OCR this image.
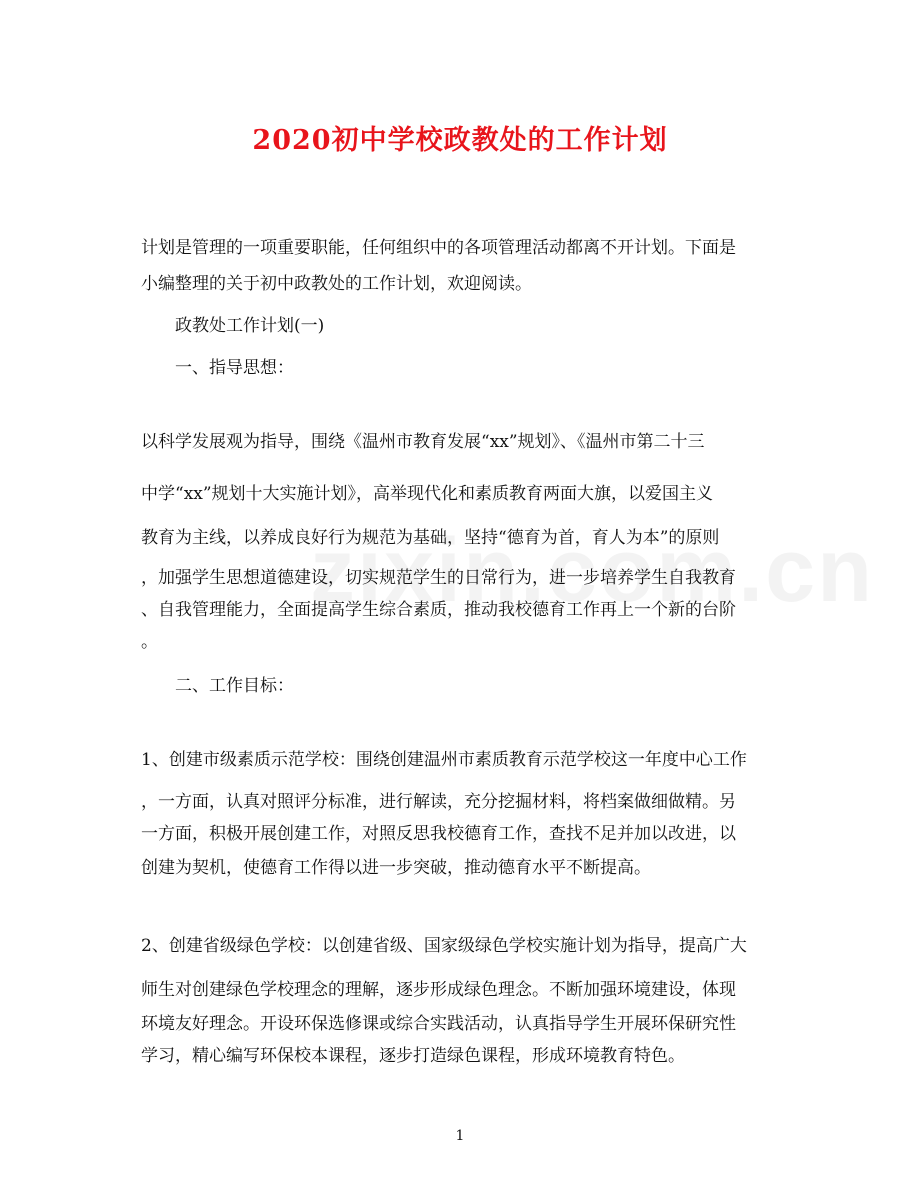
2020初中学校政教处的工作计划
计划是管理的一项重要职能，任何组织中的各项管理活动都离不开计划。下面是
小编整理的关于初中政教处的工作计划，欢迎阅读。
政教处工作计划(一)
一、指导思想：
以科学发展观为指导，围绕《温州市教育发展“xx”规划》、《温州市第二十三
中学“xx”规划十大实施计划》，高举现代化和素质教育两面大旗，以爱国主义
教育为主线，以养成良好行为规范为基础，坚持“德育为首，育人为本”的原则
，加强学生思想道德建设，切实规范学生的日常行为，进一步培养学生自我教育
、自我管理能力，全面提高学生综合素质，推动我校德育工作再上一个新的台阶
。
二、工作目标：
1、创建市级素质示范学校：围绕创建温州市素质教育示范学校这一年度中心工作
，一方面，认真对照评分标准，进行解读，充分挖掘材料，将档案做细做精。另
一方面，积极开展创建工作，对照反思我校德育工作，查找不足并加以改进，以
创建为契机，使德育工作得以进一步突破，推动德育水平不断提高。
2、创建省级绿色学校：以创建省级、国家级绿色学校实施计划为指导，提高广大
师生对创建绿色学校理念的理解，逐步形成绿色理念。不断加强环境建设，体现
环境友好理念。开设环保选修课或综合实践活动，认真指导学生开展环保研究性
学习，精心编写环保校本课程，逐步打造绿色课程，形成环境教育特色。
1
